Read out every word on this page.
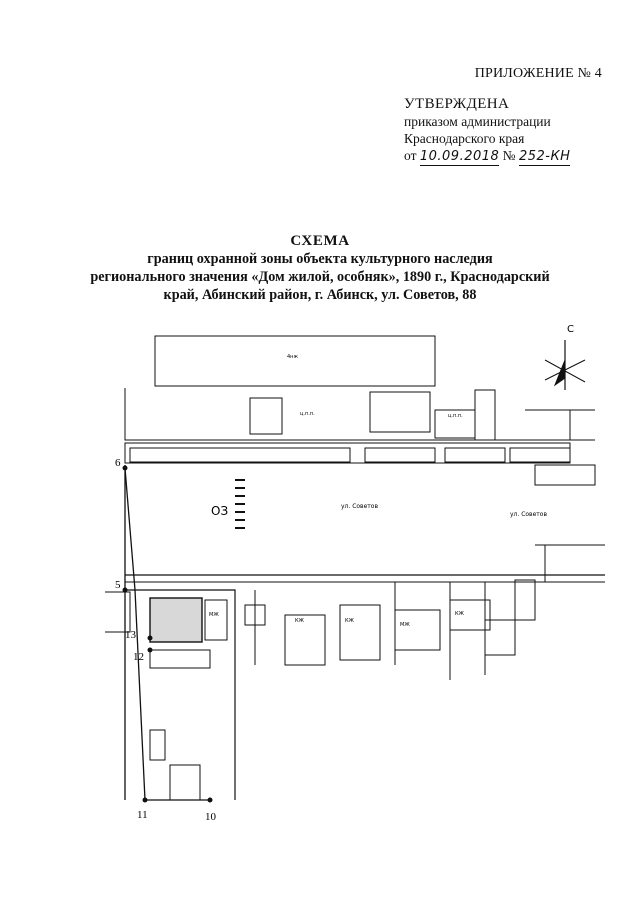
ПРИЛОЖЕНИЕ № 4
УТВЕРЖДЕНА
приказом администрации
Краснодарского края
от 10.09.2018 № 252-КН
СХЕМА
границ охранной зоны объекта культурного наследия
регионального значения «Дом жилой, особняк», 1890 г., Краснодарский
край, Абинский район, г. Абинск, ул. Советов, 88
С
ОЗ	ул. Советов
ул. Советов
4нж
ц.п.п.	ц.п.п.
КЖ	КЖ
МЖ
МЖ
КЖ
6
5
13
12
11	10
